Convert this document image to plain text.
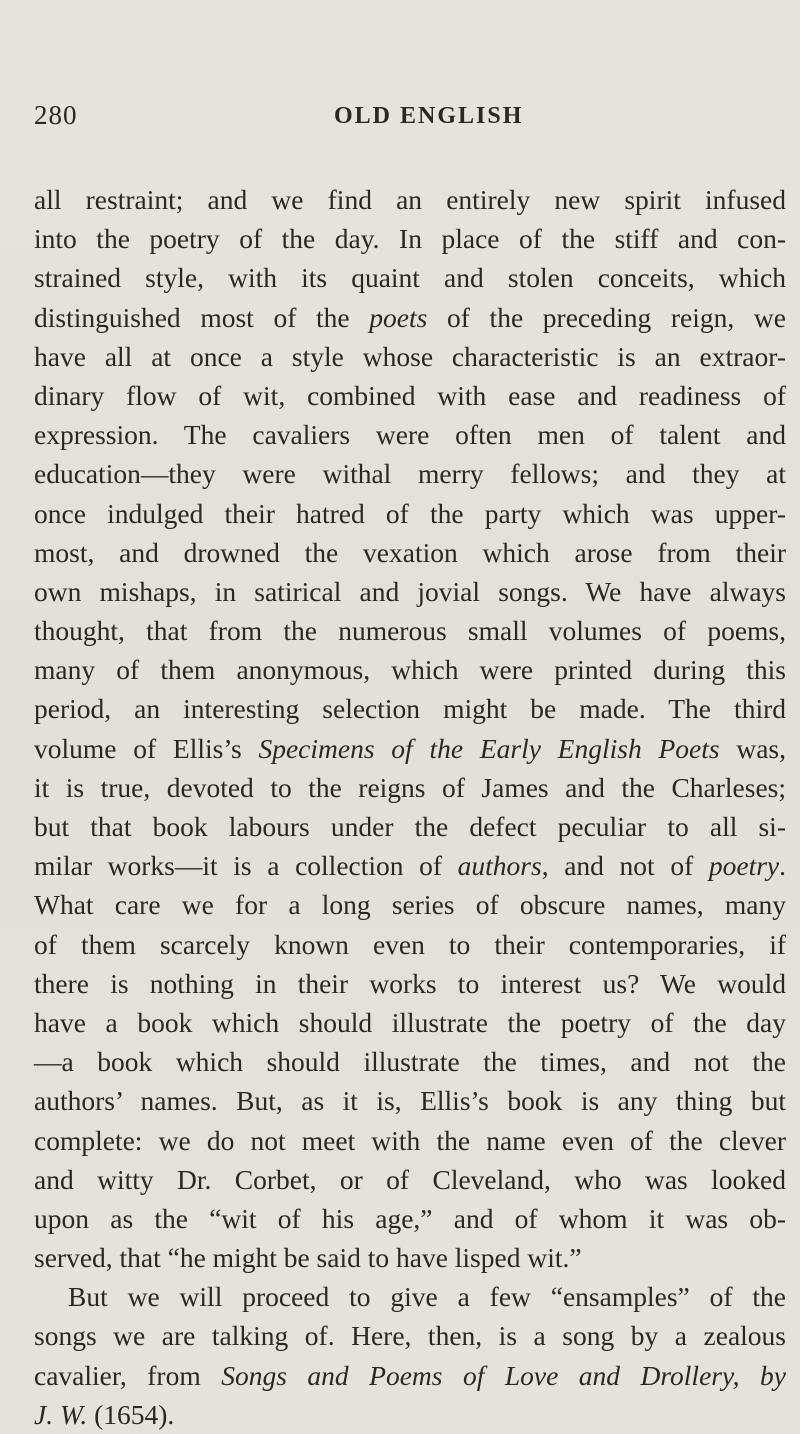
280	OLD ENGLISH
all restraint; and we find an entirely new spirit infused
into the poetry of the day. In place of the stiff and con-
strained style, with its quaint and stolen conceits, which
distinguished most of the poets of the preceding reign, we
have all at once a style whose characteristic is an extraor-
dinary flow of wit, combined with ease and readiness of
expression. The cavaliers were often men of talent and
education—they were withal merry fellows; and they at
once indulged their hatred of the party which was upper-
most, and drowned the vexation which arose from their
own mishaps, in satirical and jovial songs. We have always
thought, that from the numerous small volumes of poems,
many of them anonymous, which were printed during this
period, an interesting selection might be made. The third
volume of Ellis’s Specimens of the Early English Poets was,
it is true, devoted to the reigns of James and the Charleses;
but that book labours under the defect peculiar to all si-
milar works—it is a collection of authors, and not of poetry.
What care we for a long series of obscure names, many
of them scarcely known even to their contemporaries, if
there is nothing in their works to interest us? We would
have a book which should illustrate the poetry of the day
—a book which should illustrate the times, and not the
authors’ names. But, as it is, Ellis’s book is any thing but
complete: we do not meet with the name even of the clever
and witty Dr. Corbet, or of Cleveland, who was looked
upon as the “wit of his age,” and of whom it was ob-
served, that “he might be said to have lisped wit.”
But we will proceed to give a few “ensamples” of the
songs we are talking of. Here, then, is a song by a zealous
cavalier, from Songs and Poems of Love and Drollery, by
J. W. (1654).
